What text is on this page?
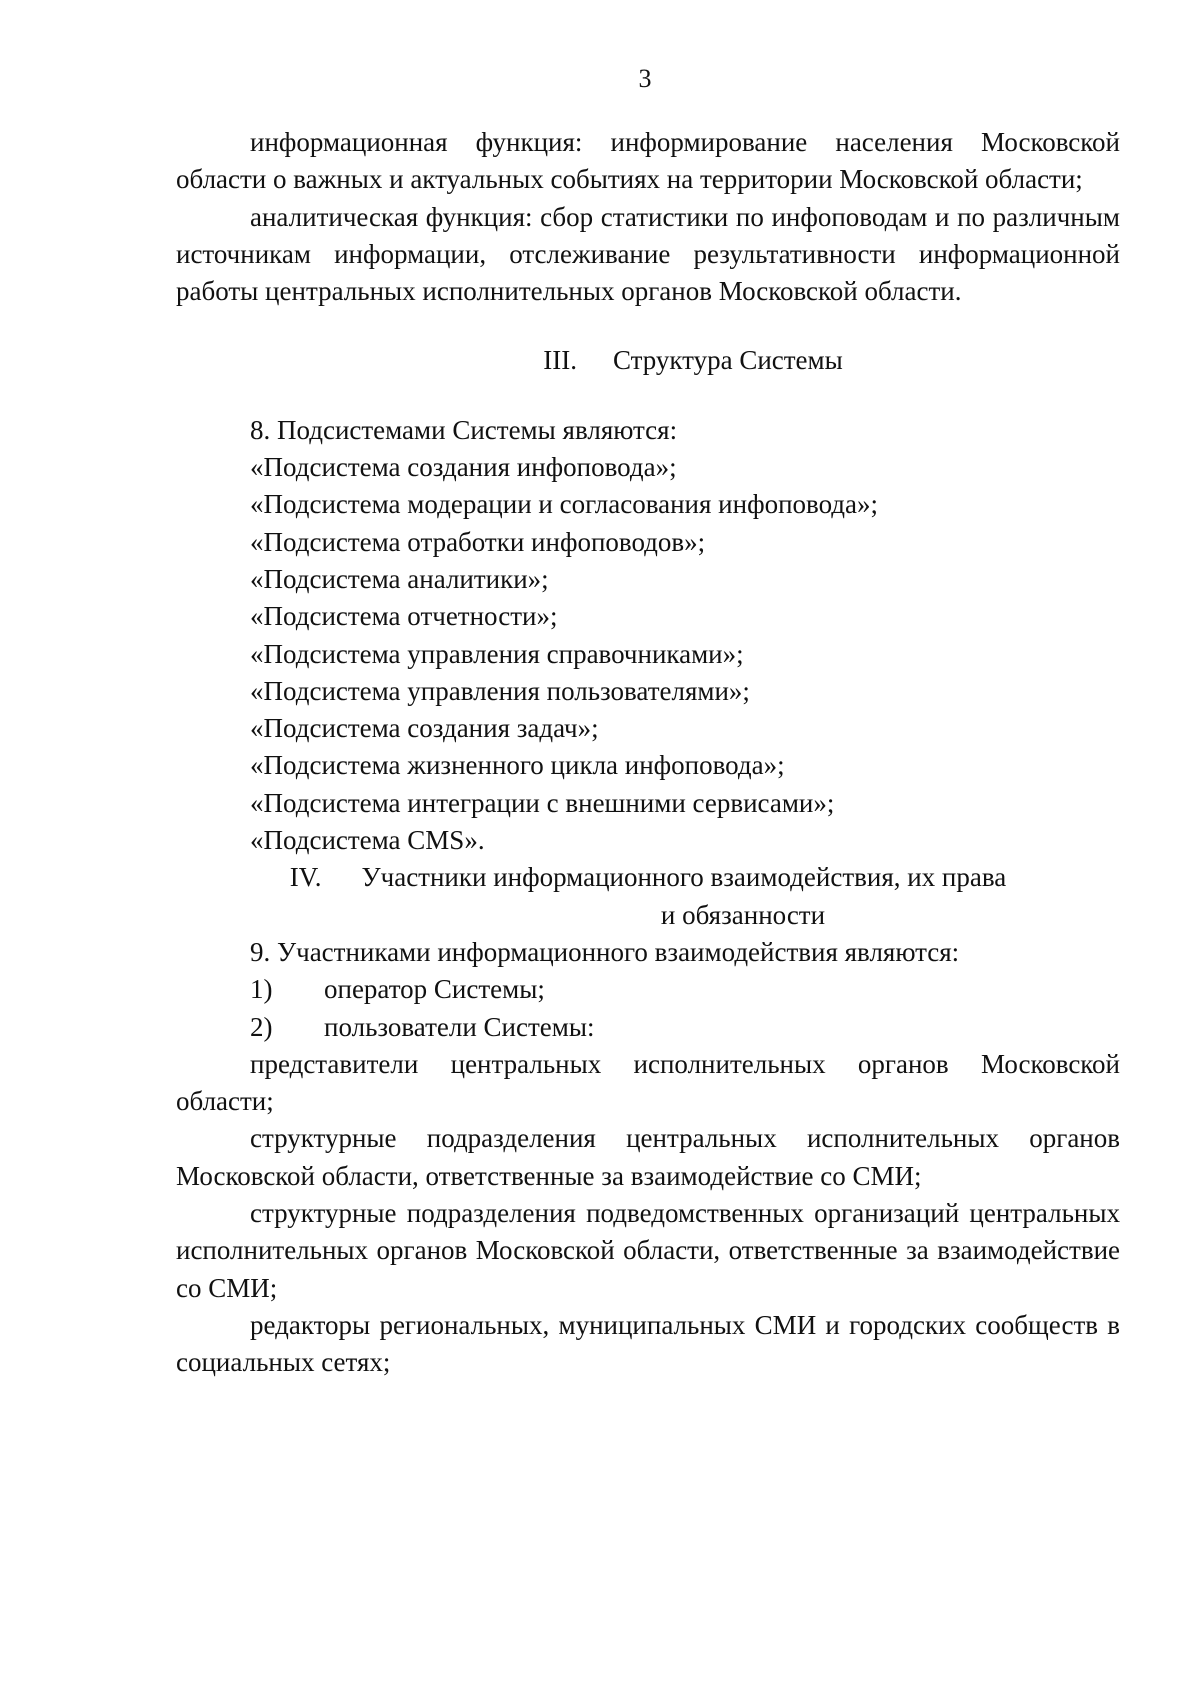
3

информационная функция: информирование населения Московской области о важных и актуальных событиях на территории Московской области;

аналитическая функция: сбор статистики по инфоповодам и по различным источникам информации, отслеживание результативности информационной работы центральных исполнительных органов Московской области.

III. Структура Системы

8. Подсистемами Системы являются:

«Подсистема создания инфоповода»;

«Подсистема модерации и согласования инфоповода»;

«Подсистема отработки инфоповодов»;

«Подсистема аналитики»;

«Подсистема отчетности»;

«Подсистема управления справочниками»;

«Подсистема управления пользователями»;

«Подсистема создания задач»;

«Подсистема жизненного цикла инфоповода»;

«Подсистема интеграции с внешними сервисами»;

«Подсистема CMS».

IV. Участники информационного взаимодействия, их права
и обязанности

9. Участниками информационного взаимодействия являются:

1) оператор Системы;

2) пользователи Системы:

представители центральных исполнительных органов Московской области;

структурные подразделения центральных исполнительных органов Московской области, ответственные за взаимодействие со СМИ;

структурные подразделения подведомственных организаций центральных исполнительных органов Московской области, ответственные за взаимодействие со СМИ;

редакторы региональных, муниципальных СМИ и городских сообществ в социальных сетях;
